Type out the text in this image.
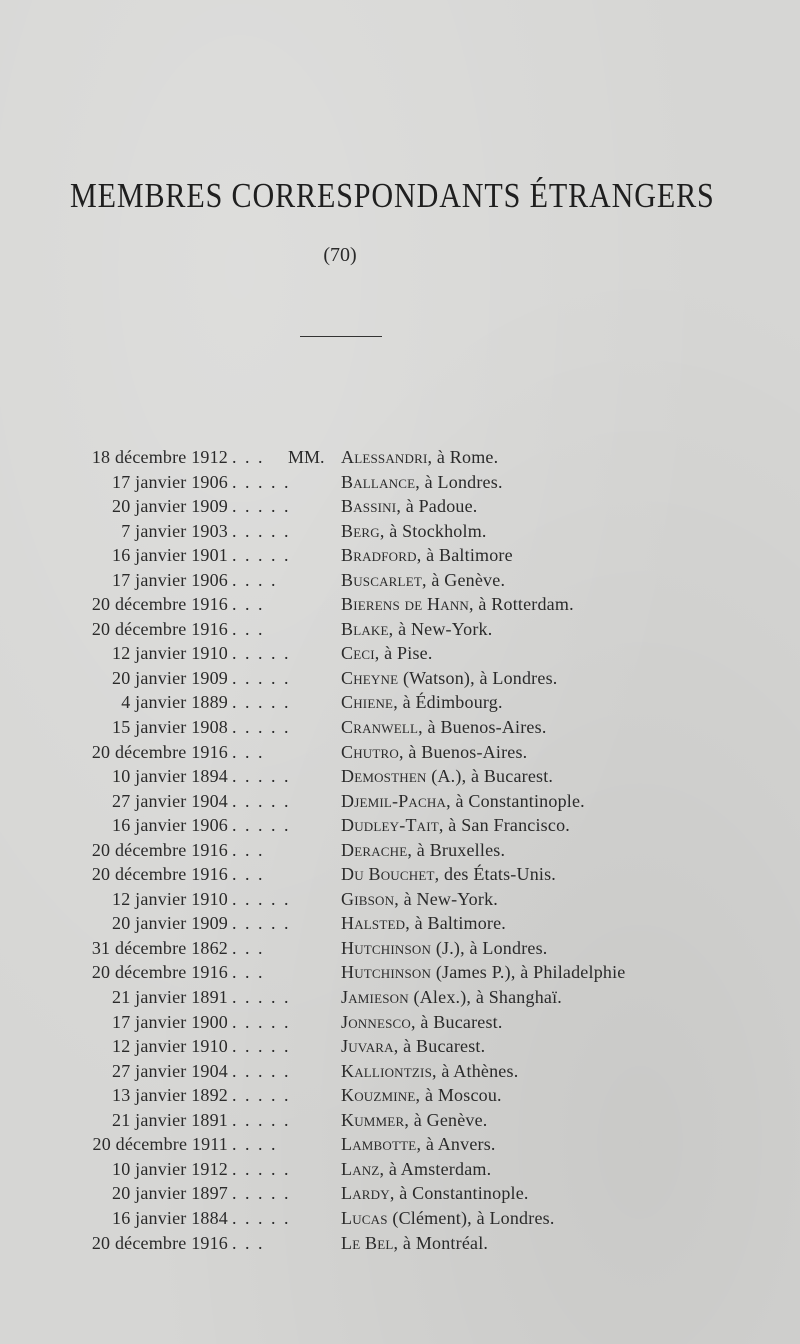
MEMBRES CORRESPONDANTS ÉTRANGERS
(70)
18 décembre 1912 . . . MM. Alessandri, à Rome.
17 janvier 1906 . . . . .	Ballance, à Londres.
20 janvier 1909 . . . . .	Bassini, à Padoue.
7 janvier 1903 . . . . .	Berg, à Stockholm.
16 janvier 1901 . . . . .	Bradford, à Baltimore
17 janvier 1906 . . . .	Buscarlet, à Genève.
20 décembre 1916 . . .	Bierens de Hann, à Rotterdam.
20 décembre 1916 . . .	Blake, à New-York.
12 janvier 1910 . . . . .	Ceci, à Pise.
20 janvier 1909 . . . . .	Cheyne (Watson), à Londres.
4 janvier 1889 . . . . .	Chiene, à Édimbourg.
15 janvier 1908 . . . . .	Cranwell, à Buenos-Aires.
20 décembre 1916 . . .	Chutro, à Buenos-Aires.
10 janvier 1894 . . . . .	Demosthen (A.), à Bucarest.
27 janvier 1904 . . . . .	Djemil-Pacha, à Constantinople.
16 janvier 1906 . . . . .	Dudley-Tait, à San Francisco.
20 décembre 1916 . . .	Derache, à Bruxelles.
20 décembre 1916 . . .	Du Bouchet, des États-Unis.
12 janvier 1910 . . . . .	Gibson, à New-York.
20 janvier 1909 . . . . .	Halsted, à Baltimore.
31 décembre 1862 . . .	Hutchinson (J.), à Londres.
20 décembre 1916 . . .	Hutchinson (James P.), à Philadelphie
21 janvier 1891 . . . . .	Jamieson (Alex.), à Shanghaï.
17 janvier 1900 . . . . .	Jonnesco, à Bucarest.
12 janvier 1910 . . . . .	Juvara, à Bucarest.
27 janvier 1904 . . . . .	Kalliontzis, à Athènes.
13 janvier 1892 . . . . .	Kouzmine, à Moscou.
21 janvier 1891 . . . . .	Kummer, à Genève.
20 décembre 1911 . . . .	Lambotte, à Anvers.
10 janvier 1912 . . . . .	Lanz, à Amsterdam.
20 janvier 1897 . . . . .	Lardy, à Constantinople.
16 janvier 1884 . . . . .	Lucas (Clément), à Londres.
20 décembre 1916 . . .	Le Bel, à Montréal.
